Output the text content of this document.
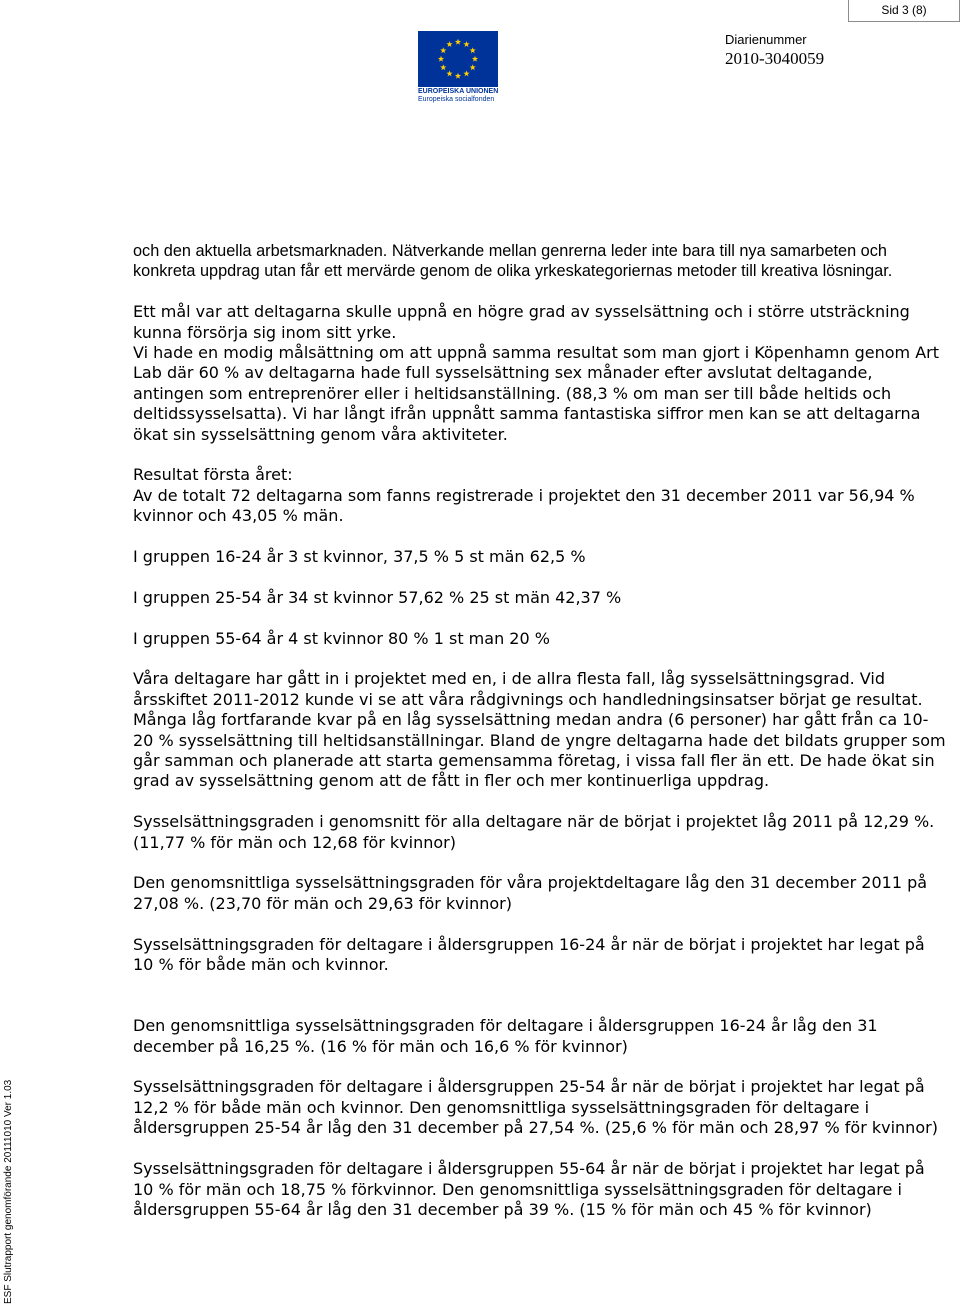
Sid 3 (8)
EUROPEISKA UNIONEN
Europeiska socialfonden
Diarienummer
2010-3040059
ESF Slutrapport genomförande 20111010 Ver 1.03

och den aktuella arbetsmarknaden. Nätverkande mellan genrerna leder inte bara till nya samarbeten och konkreta uppdrag utan får ett mervärde genom de olika yrkeskategoriernas metoder till kreativa lösningar.

Ett mål var att deltagarna skulle uppnå en högre grad av sysselsättning och i större utsträckning kunna försörja sig inom sitt yrke.

Vi hade en modig målsättning om att uppnå samma resultat som man gjort i Köpenhamn genom Art Lab där 60 % av deltagarna hade full sysselsättning sex månader efter avslutat deltagande, antingen som entreprenörer eller i heltidsanställning. (88,3 % om man ser till både heltids och deltidssysselsatta). Vi har långt ifrån uppnått samma fantastiska siffror men kan se att deltagarna ökat sin sysselsättning genom våra aktiviteter.

Resultat första året:

Av de totalt 72 deltagarna som fanns registrerade i projektet den 31 december 2011 var 56,94 % kvinnor och 43,05 % män.

I gruppen 16-24 år 3 st kvinnor, 37,5 % 5 st män 62,5 %

I gruppen 25-54 år 34 st kvinnor 57,62 % 25 st män 42,37 %

I gruppen 55-64 år 4 st kvinnor 80 % 1 st man 20 %

Våra deltagare har gått in i projektet med en, i de allra flesta fall, låg sysselsättningsgrad. Vid årsskiftet 2011-2012 kunde vi se att våra rådgivnings och handledningsinsatser börjat ge resultat. Många låg fortfarande kvar på en låg sysselsättning medan andra (6 personer) har gått från ca 10-20 % sysselsättning till heltidsanställningar. Bland de yngre deltagarna hade det bildats grupper som går samman och planerade att starta gemensamma företag, i vissa fall fler än ett. De hade ökat sin grad av sysselsättning genom att de fått in fler och mer kontinuerliga uppdrag.

Sysselsättningsgraden i genomsnitt för alla deltagare när de börjat i projektet låg 2011 på 12,29 %. (11,77 % för män och 12,68 för kvinnor)

Den genomsnittliga sysselsättningsgraden för våra projektdeltagare låg den 31 december 2011 på 27,08 %. (23,70 för män och 29,63 för kvinnor)

Sysselsättningsgraden för deltagare i åldersgruppen 16-24 år när de börjat i projektet har legat på 10 % för både män och kvinnor.

Den genomsnittliga sysselsättningsgraden för deltagare i åldersgruppen 16-24 år låg den 31 december på 16,25 %. (16 % för män och 16,6 % för kvinnor)

Sysselsättningsgraden för deltagare i åldersgruppen 25-54 år när de börjat i projektet har legat på 12,2 % för både män och kvinnor. Den genomsnittliga sysselsättningsgraden för deltagare i åldersgruppen 25-54 år låg den 31 december på 27,54 %. (25,6 % för män och 28,97 % för kvinnor)

Sysselsättningsgraden för deltagare i åldersgruppen 55-64 år när de börjat i projektet har legat på 10 % för män och 18,75 % förkvinnor. Den genomsnittliga sysselsättningsgraden för deltagare i åldersgruppen 55-64 år låg den 31 december på 39 %. (15 % för män och 45 % för kvinnor)
